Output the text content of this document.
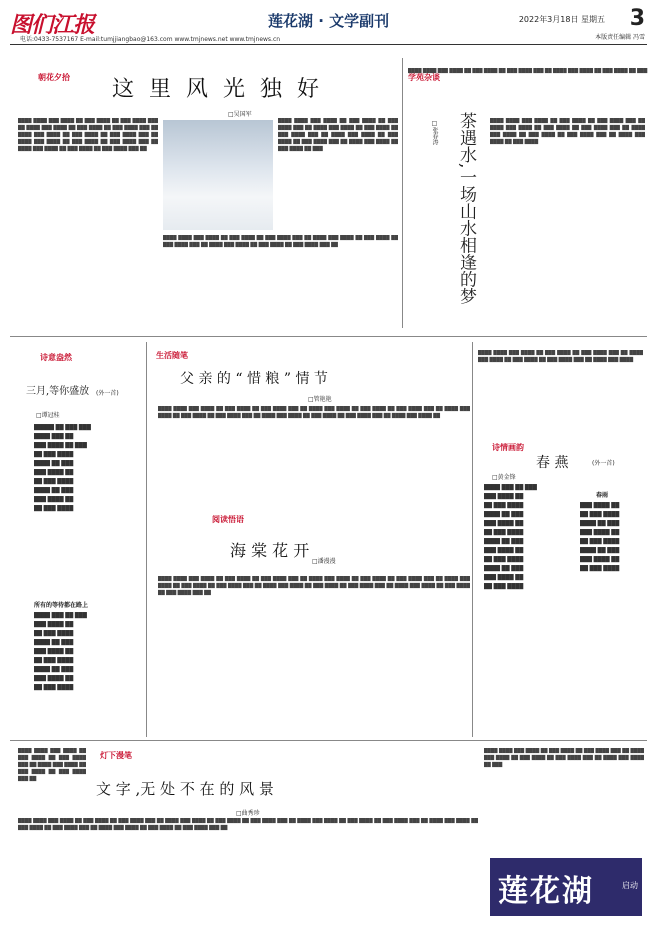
图们江报	莲花湖 · 文学副刊	2022年3月18日 星期五 3
本版责任编辑 冯雪
电话:0433-7537167 E-mail:tumjjiangbao@163.com www.tmjnews.net www.tmjnews.cn
朝花夕拾 这 里 风 光 独 好
□吴国军
████ ████ ███ ████ ██ ███ ████ ██ ███ ████ ███ ██ ████ ███ ████ ██ ███ ████ ██ ███ ████ ███ ██ ████ ███ ████ ██ ███ ████ ██ ███ ████ ███ ██ ████ ███ ████ ██ ███ ████ ██ ███ ████ ███ ██ ████ ███ ████ ██ ███ ████ ██ ███ ████ ███ ██
████ ████ ███ ████ ██ ███ ████ ██ ███ ████ ███ ██ ████ ███ ████ ██ ███ ████ ██ ███ ████ ███ ██ ████ ███ ████ ██ ███ ████ ██ ███ ████ ███ ██ ████ ███ ████ ██ ███ ████ ██ ███
████ ████ ███ ████ ██ ███ ████ ██ ███ ████ ███ ██ ████ ███ ████ ██ ███ ████ ██ ███ ████ ███ ██ ████ ███ ████ ██ ███ ████ ██ ███ ████ ███ ██
学苑杂谈
茶遇水,一场山水相逢的梦
□张春涛
████ ████ ███ ████ ██ ███ ████ ██ ███ ████ ███ ██ ████ ███ ████ ██ ███ ████ ██ ███
████ ████ ███ ████ ██ ███ ████ ██ ███ ████ ███ ██ ████ ███ ████ ██ ███ ████ ██ ███ ████ ███ ██ ████ ███ ████ ██ ███ ████ ██ ███ ████ ███ ██ ████ ███ ████ ██ ███ ████
诗意盎然
三月,等你盛放 (外一首)
□谭冠桂
█████ ██ ███ ███
████ ███ ██
███ ████ ██ ███
██ ███ ████
████ ██ ███
███ ████ ██
██ ███ ████
████ ██ ███
███ ████ ██
██ ███ ████
所有的等待都在路上
████ ███ ██ ███
███ ████ ██
██ ███ ████
████ ██ ███
███ ████ ██
██ ███ ████
████ ██ ███
███ ████ ██
██ ███ ████
生活随笔
父 亲 的 “ 惜 粮 ” 情 节
□管艳艳
████ ████ ███ ████ ██ ███ ████ ██ ███ ████ ███ ██ ████ ███ ████ ██ ███ ████ ██ ███ ████ ███ ██ ████ ███ ████ ██ ███ ████ ██ ███ ████ ███ ██ ████ ███ ████ ██ ███ ████ ██ ███ ████ ███ ██ ████ ███ ████ ██
████ ████ ███ ████ ██ ███ ████ ██ ███ ████ ███ ██ ████ ███ ████ ██ ███ ████ ██ ███ ████ ███ ██ ████ ███ ████
诗情画韵
春 燕	(外一首)
□黄金锋
████ ███ ██ ███
███ ████ ██
██ ███ ████
████ ██ ███
███ ████ ██
██ ███ ████
████ ██ ███
███ ████ ██
██ ███ ████
████ ██ ███
███ ████ ██
██ ███ ████
春雨
███ ████ ██
██ ███ ████
████ ██ ███
███ ████ ██
██ ███ ████
████ ██ ███
███ ████ ██
██ ███ ████
阅读悟语
海 棠 花 开
□潘漫漫
████ ████ ███ ████ ██ ███ ████ ██ ███ ████ ███ ██ ████ ███ ████ ██ ███ ████ ██ ███ ████ ███ ██ ████ ███ ████ ██ ███ ████ ██ ███ ████ ███ ██ ████ ███ ████ ██ ███ ████ ██ ███ ████ ███ ██ ████ ███ ████ ██ ███ ████ ██ ███ ████ ███ ██
灯下漫笔
文 字 ,无 处 不 在 的 风 景
□曲秀珍
████ ████ ███ ████ ██ ███ ████ ██ ███ ████ ███ ██ ████ ███ ████ ██ ███ ████ ██ ███ ████ ███ ██
████ ████ ███ ████ ██ ███ ████ ██ ███ ████ ███ ██ ████ ███ ████ ██ ███ ████ ██ ███ ████ ███ ██ ████ ███ ████ ██ ███ ████ ██ ███ ████ ███ ██ ████ ███ ████ ██ ███ ████ ██ ███ ████ ███ ██ ████ ███ ████ ██ ███ ████ ██ ███ ████ ███ ██
████ ████ ███ ████ ██ ███ ████ ██ ███ ████ ███ ██ ████ ███ ████ ██ ███ ████ ██ ███ ████ ███ ██ ████ ███ ████ ██ ███
莲花湖	启动
